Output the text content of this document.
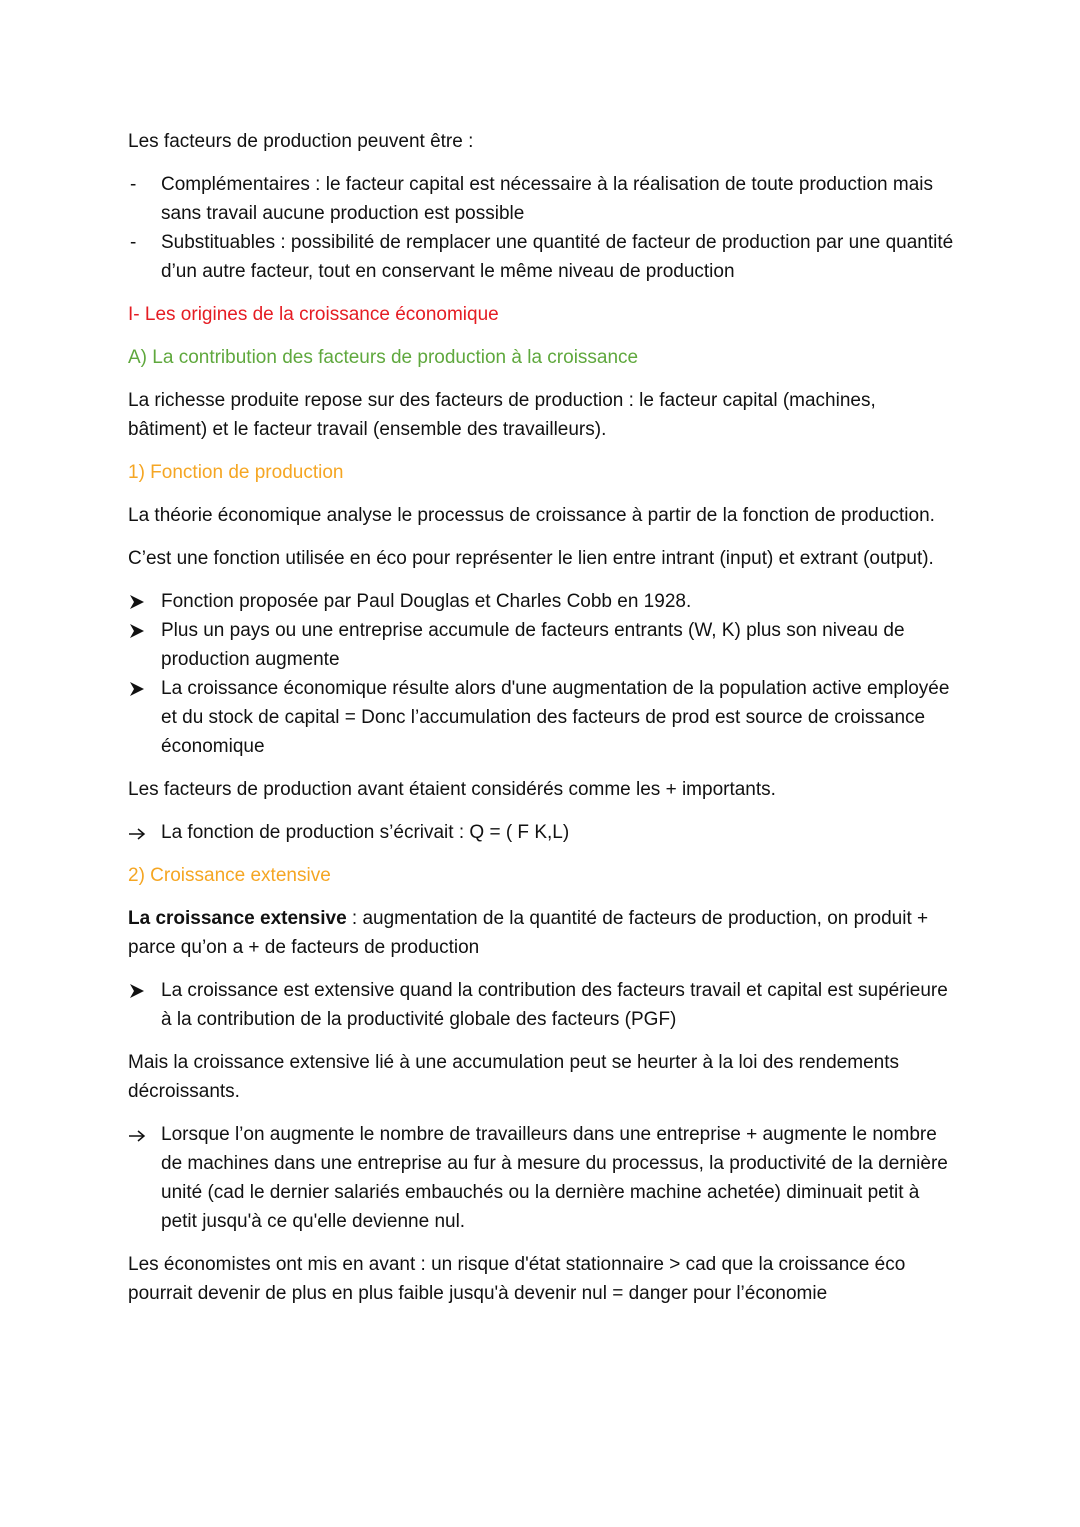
Les facteurs de production peuvent être :

-	Complémentaires : le facteur capital est nécessaire à la réalisation de toute production mais sans travail aucune production est possible
-	Substituables : possibilité de remplacer une quantité de facteur de production par une quantité d’un autre facteur, tout en conservant le même niveau de production

I- Les origines de la croissance économique

A) La contribution des facteurs de production à la croissance

La richesse produite repose sur des facteurs de production : le facteur capital (machines, bâtiment) et le facteur travail (ensemble des travailleurs).

1) Fonction de production

La théorie économique analyse le processus de croissance à partir de la fonction de production.

C’est une fonction utilisée en éco pour représenter le lien entre intrant (input) et extrant (output).

Fonction proposée par Paul Douglas et Charles Cobb en 1928.
Plus un pays ou une entreprise accumule de facteurs entrants (W, K) plus son niveau de production augmente
La croissance économique résulte alors d'une augmentation de la population active employée et du stock de capital = Donc l’accumulation des facteurs de prod est source de croissance économique

Les facteurs de production avant étaient considérés comme les + importants.

La fonction de production s’écrivait : Q = ( F K,L)

2) Croissance extensive

La croissance extensive : augmentation de la quantité de facteurs de production, on produit + parce qu’on a + de facteurs de production

La croissance est extensive quand la contribution des facteurs travail et capital est supérieure à la contribution de la productivité globale des facteurs (PGF)

Mais la croissance extensive lié à une accumulation peut se heurter à la loi des rendements décroissants.

Lorsque l’on augmente le nombre de travailleurs dans une entreprise + augmente le nombre de machines dans une entreprise au fur à mesure du processus, la productivité de la dernière unité (cad le dernier salariés embauchés ou la dernière machine achetée) diminuait petit à petit jusqu'à ce qu'elle devienne nul.

Les économistes ont mis en avant : un risque d'état stationnaire > cad que la croissance éco pourrait devenir de plus en plus faible jusqu'à devenir nul = danger pour l’économie
